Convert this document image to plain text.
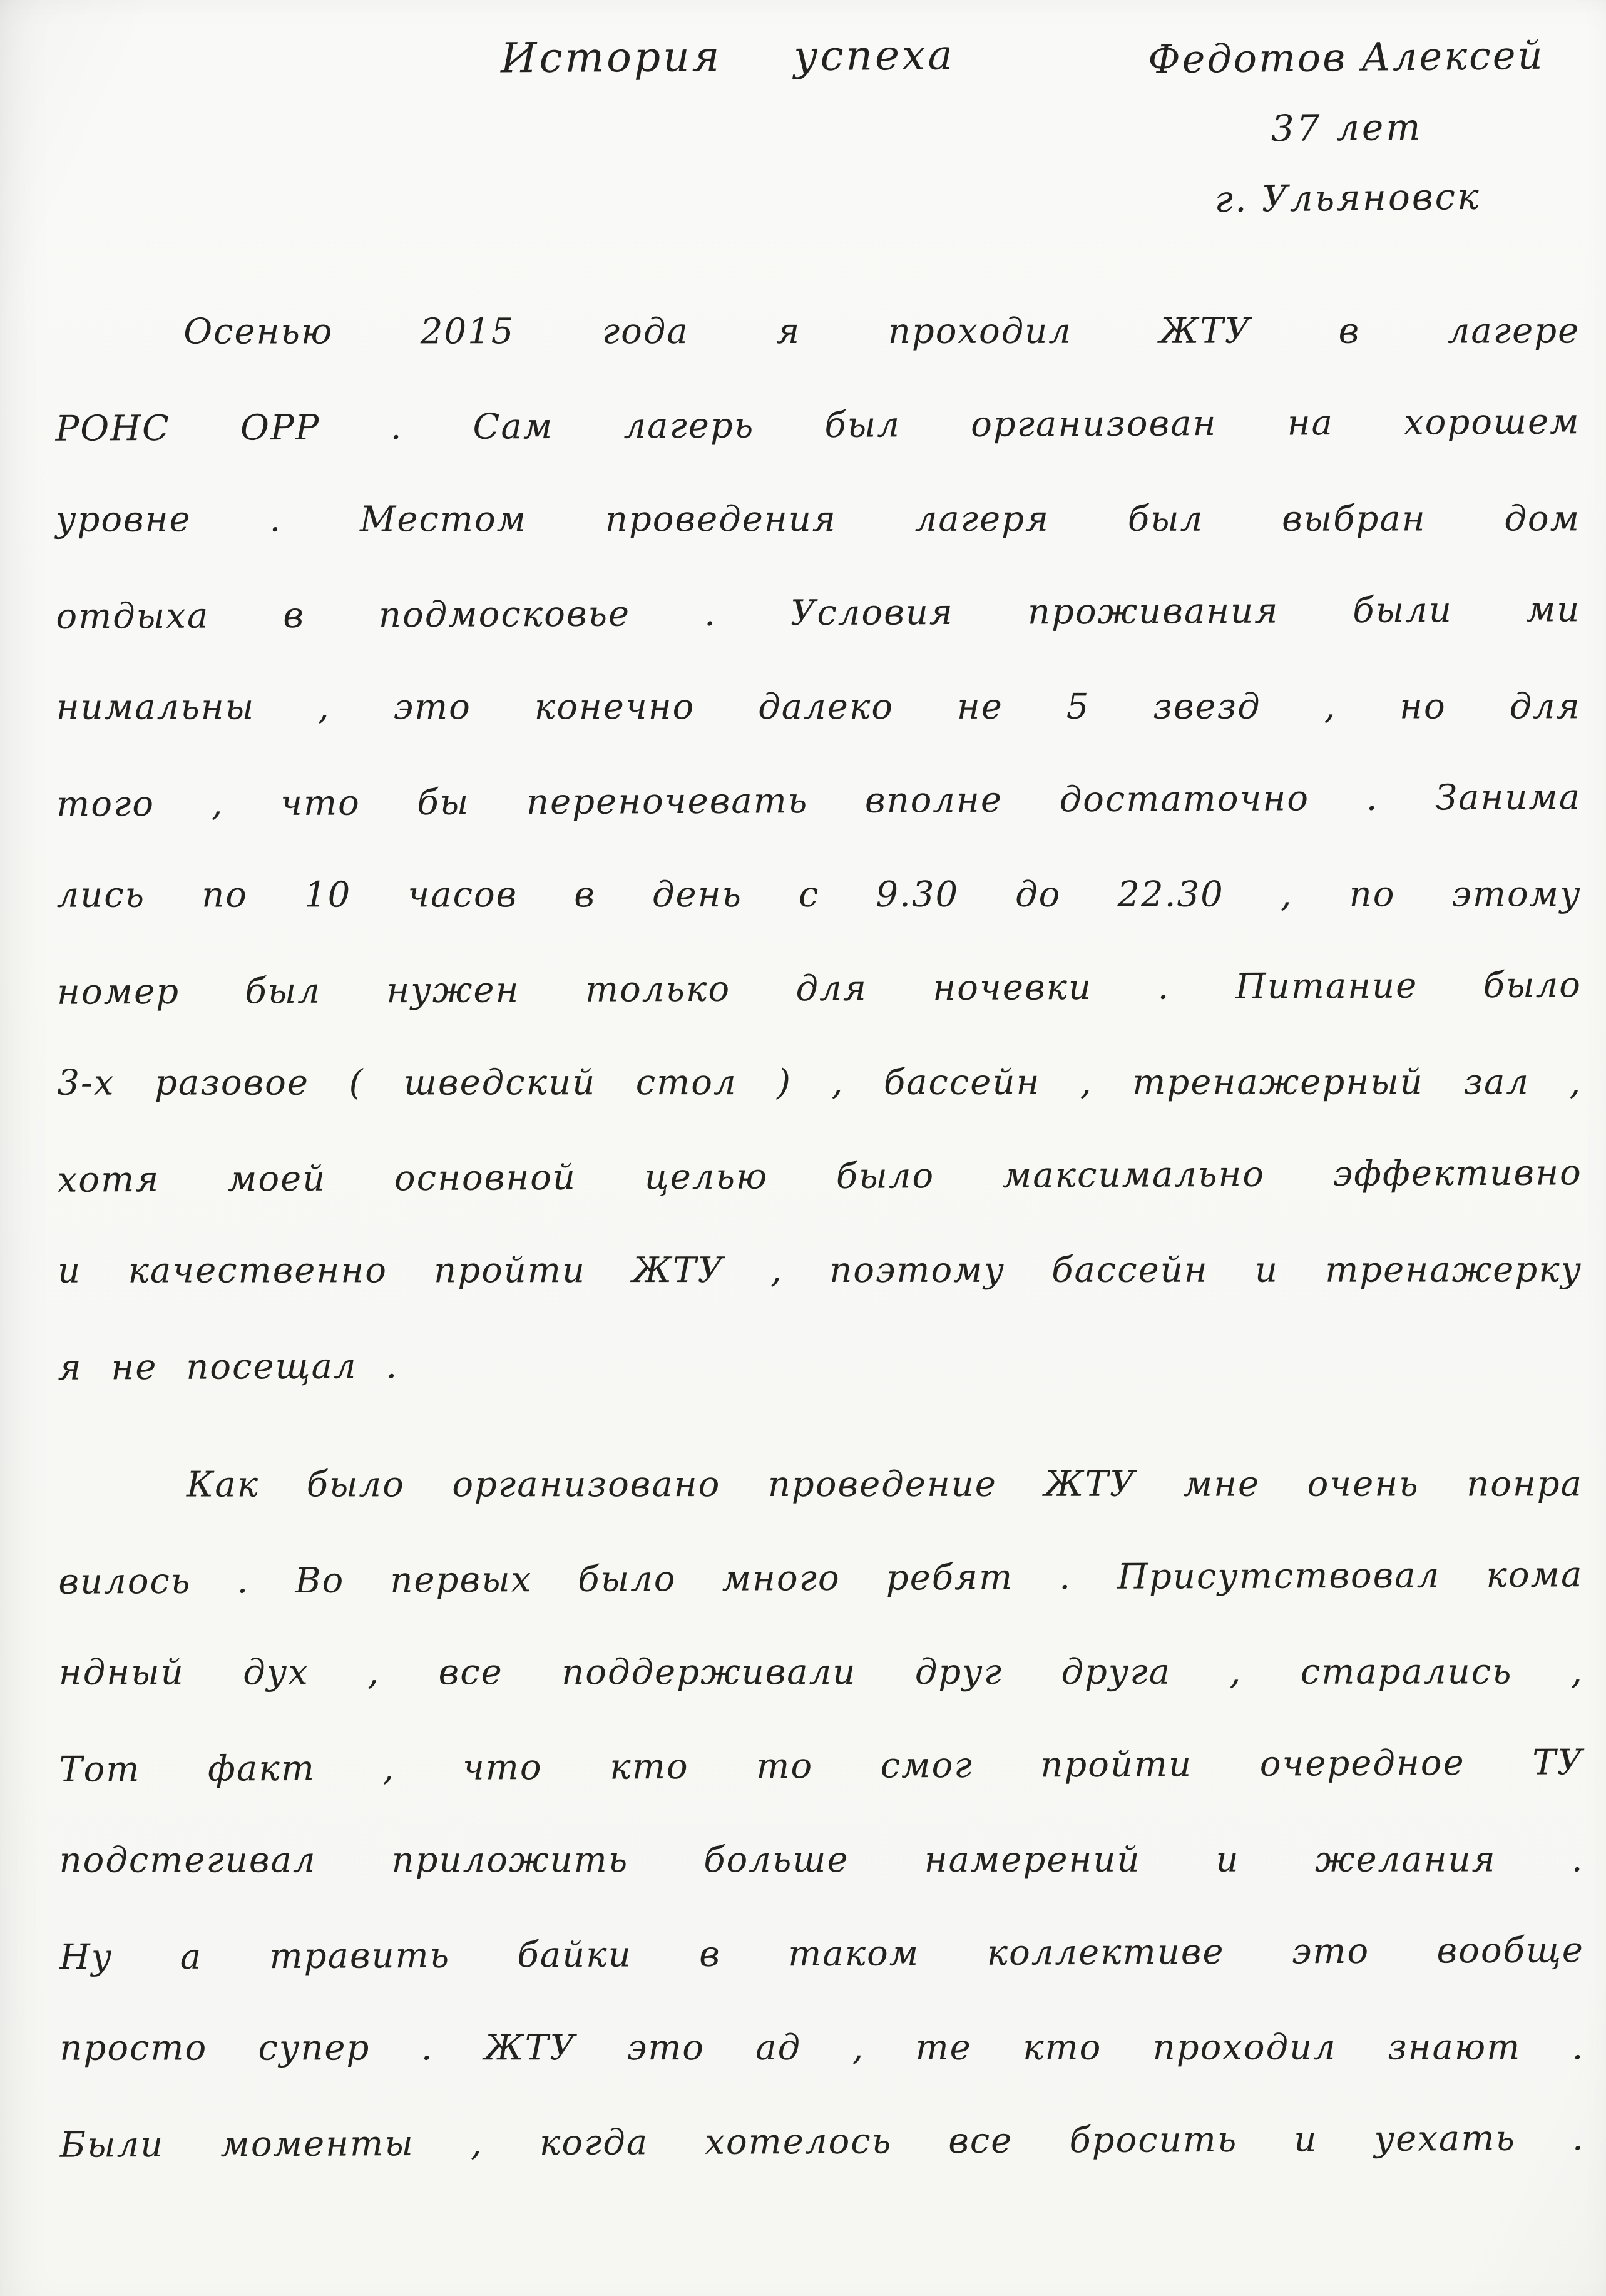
История успеха	Федотов Алексей
37 лет
г. Ульяновск
Осенью 2015 года я проходил ЖТУ в лагере
РОНС ОРР . Сам лагерь был организован на хорошем
уровне . Местом проведения лагеря был выбран дом
отдыха в подмосковье . Условия проживания были ми
нимальны , это конечно далеко не 5 звезд , но для
того , что бы переночевать вполне достаточно . Занима
лись по 10 часов в день с 9.30 до 22.30 , по этому
номер был нужен только для ночевки . Питание было
3-х разовое ( шведский стол ) , бассейн , тренажерный зал ,
хотя моей основной целью было максимально эффективно
и качественно пройти ЖТУ , поэтому бассейн и тренажерку
я не посещал .
Как было организовано проведение ЖТУ мне очень понра
вилось . Во первых было много ребят . Присутствовал кома
ндный дух , все поддерживали друг друга , старались ,
Тот факт , что кто то смог пройти очередное ТУ
подстегивал приложить больше намерений и желания .
Ну а травить байки в таком коллективе это вообще
просто супер . ЖТУ это ад , те кто проходил знают .
Были моменты , когда хотелось все бросить и уехать .
